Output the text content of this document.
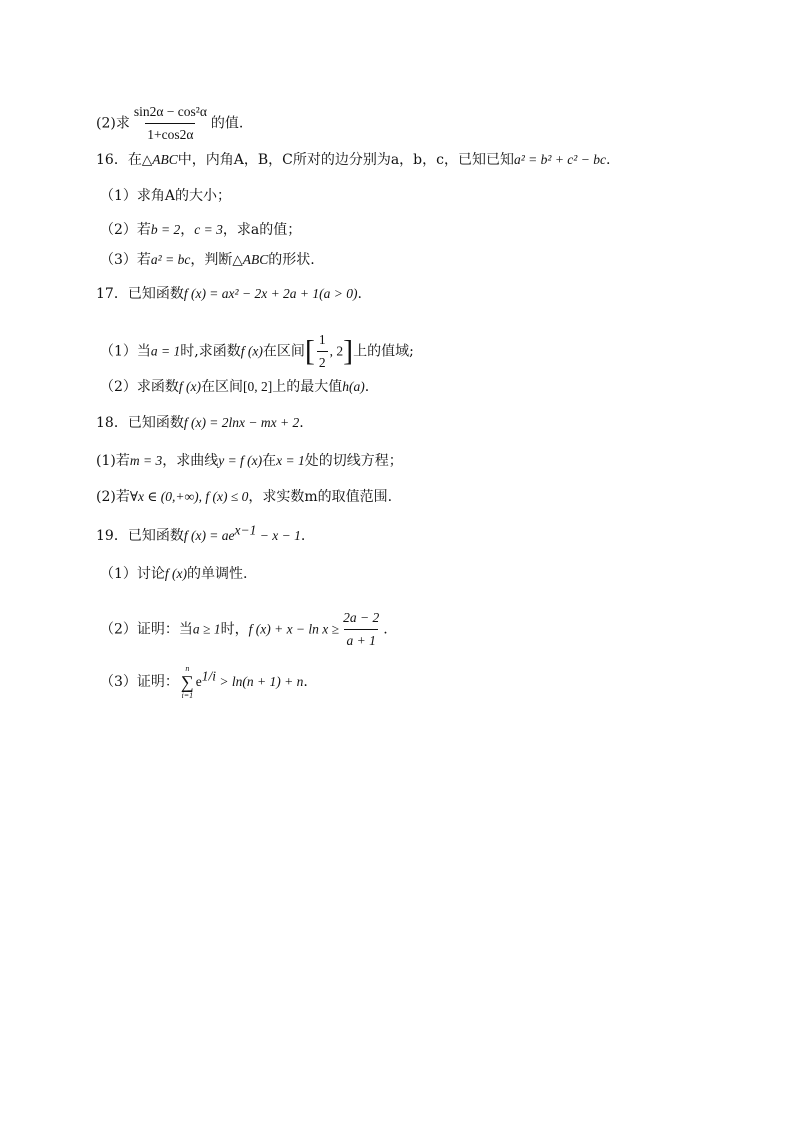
(2)求 $\frac{\text{sin2α − cos²α}}{1+\cos 2\alpha}$ 的值.
16．在△ABC中，内角A，B，C所对的边分别为a，b，c，已知已知a² = b² + c² − bc.
（1）求角A的大小；
（2）若b = 2，c = 3，求a的值；
（3）若a² = bc，判断△ABC的形状.
17．已知函数f (x) = ax² − 2x + 2a + 1(a > 0).
（1）当a = 1时,求函数f (x)在区间[ $\frac{1}{2}$ , 2]上的值域;
（2）求函数f (x)在区间[0, 2]上的最大值h(a).
18．已知函数f (x) = 2lnx − mx + 2.
(1)若m = 3，求曲线y = f (x)在x = 1处的切线方程；
(2)若∀x ∈ (0,+∞), f (x) ≤ 0，求实数m的取值范围.
19．已知函数f $(x) = ae^{x-1} - x - 1$.
（1）讨论f (x)的单调性.
（2）证明：当a ≥ 1时，f $(x) + x - \ln x \ge \frac{2a - 2}{a + 1}$ .
（3）证明：
n
∑
i=1
$e^{1/i} > \ln(n + 1) + n$.
